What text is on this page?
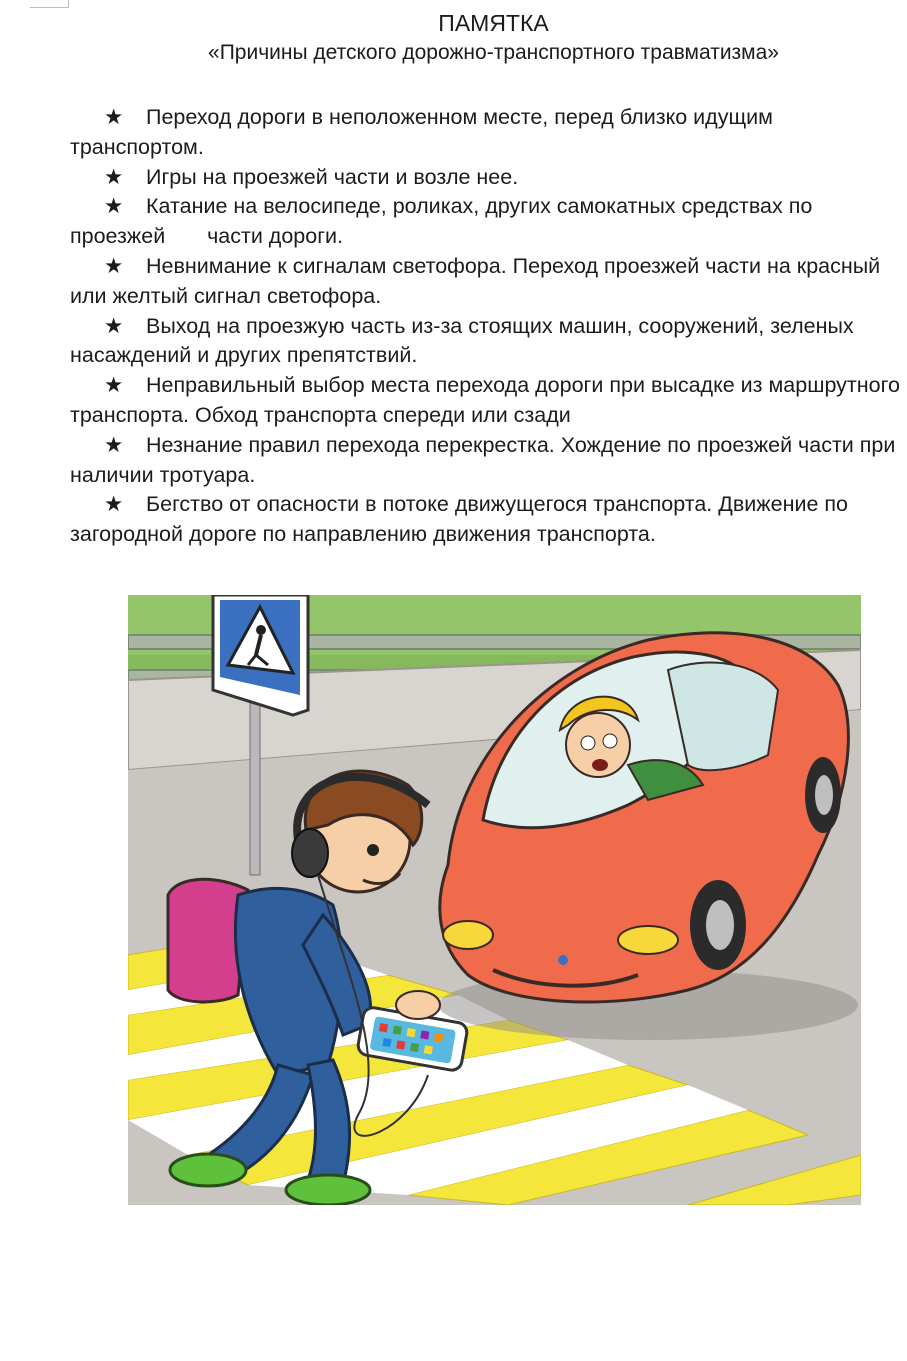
ПАМЯТКА
«Причины детского дорожно-транспортного травматизма»
★ Переход дороги в неположенном месте, перед близко идущим транспортом.
★ Игры на проезжей части и возле нее.
★ Катание на велосипеде, роликах, других самокатных средствах по проезжей       части дороги.
★ Невнимание к сигналам светофора. Переход проезжей части на красный или желтый сигнал светофора.
★ Выход на проезжую часть из-за стоящих машин, сооружений, зеленых насаждений и других препятствий.
★ Неправильный выбор места перехода дороги при высадке из маршрутного транспорта. Обход транспорта спереди или сзади
★ Незнание правил перехода перекрестка. Хождение по проезжей части при наличии тротуара.
★ Бегство от опасности в потоке движущегося транспорта. Движение по загородной дороге по направлению движения транспорта.
